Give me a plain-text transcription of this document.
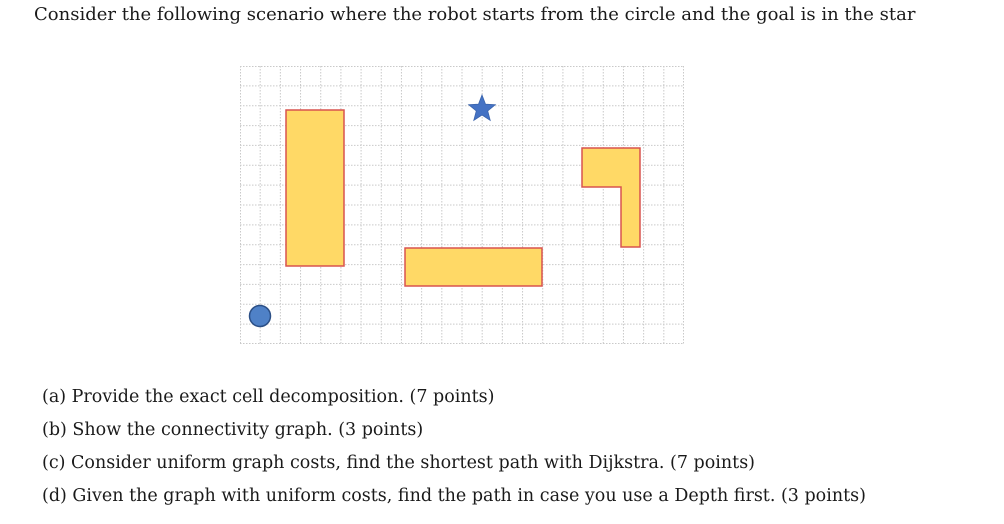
Consider the following scenario where the robot starts from the circle and the goal is in the star
(a) Provide the exact cell decomposition. (7 points)
(b) Show the connectivity graph. (3 points)
(c) Consider uniform graph costs, find the shortest path with Dijkstra. (7 points)
(d) Given the graph with uniform costs, find the path in case you use a Depth first. (3 points)
